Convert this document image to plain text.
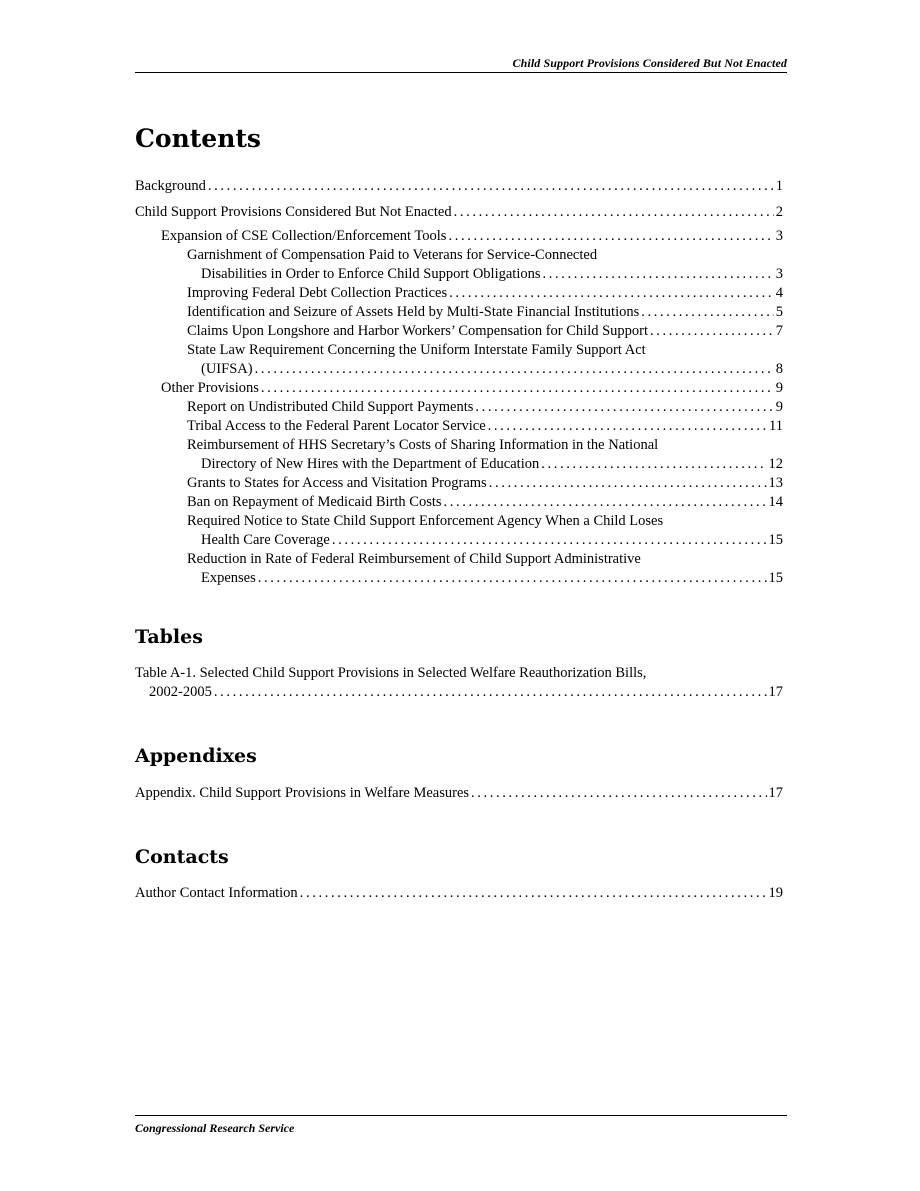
Child Support Provisions Considered But Not Enacted
Contents
Background . . .	1
Child Support Provisions Considered But Not Enacted . . .	2
Expansion of CSE Collection/Enforcement Tools . . .	3
Garnishment of Compensation Paid to Veterans for Service-Connected
Disabilities in Order to Enforce Child Support Obligations . . .	3
Improving Federal Debt Collection Practices . . .	4
Identification and Seizure of Assets Held by Multi-State Financial Institutions . . .	5
Claims Upon Longshore and Harbor Workers’ Compensation for Child Support . . .	7
State Law Requirement Concerning the Uniform Interstate Family Support Act
(UIFSA) . . .	8
Other Provisions . . .	9
Report on Undistributed Child Support Payments . . .	9
Tribal Access to the Federal Parent Locator Service . . .	11
Reimbursement of HHS Secretary’s Costs of Sharing Information in the National
Directory of New Hires with the Department of Education . . .	12
Grants to States for Access and Visitation Programs . . .	13
Ban on Repayment of Medicaid Birth Costs . . .	14
Required Notice to State Child Support Enforcement Agency When a Child Loses
Health Care Coverage . . .	15
Reduction in Rate of Federal Reimbursement of Child Support Administrative
Expenses . . .	15
Tables
Table A-1. Selected Child Support Provisions in Selected Welfare Reauthorization Bills,
2002-2005 . . .	17
Appendixes
Appendix. Child Support Provisions in Welfare Measures . . .	17
Contacts
Author Contact Information . . .	19
Congressional Research Service
